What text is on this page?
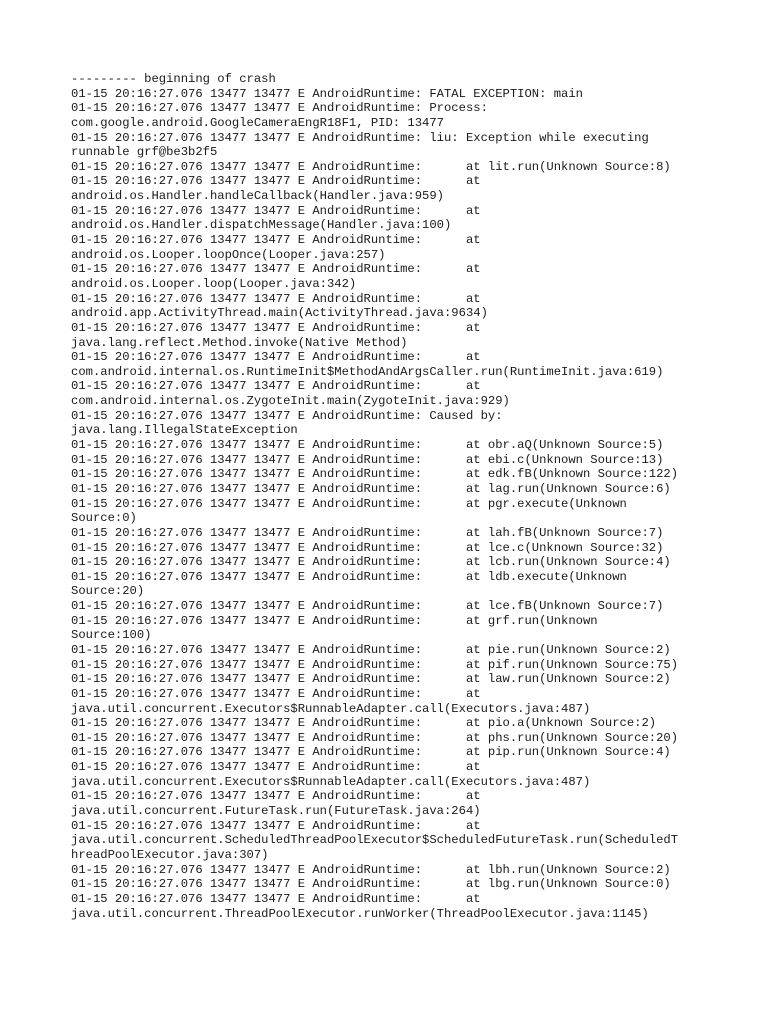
--------- beginning of crash
01-15 20:16:27.076 13477 13477 E AndroidRuntime: FATAL EXCEPTION: main
01-15 20:16:27.076 13477 13477 E AndroidRuntime: Process:
com.google.android.GoogleCameraEngR18F1, PID: 13477
01-15 20:16:27.076 13477 13477 E AndroidRuntime: liu: Exception while executing
runnable grf@be3b2f5
01-15 20:16:27.076 13477 13477 E AndroidRuntime:      at lit.run(Unknown Source:8)
01-15 20:16:27.076 13477 13477 E AndroidRuntime:      at
android.os.Handler.handleCallback(Handler.java:959)
01-15 20:16:27.076 13477 13477 E AndroidRuntime:      at
android.os.Handler.dispatchMessage(Handler.java:100)
01-15 20:16:27.076 13477 13477 E AndroidRuntime:      at
android.os.Looper.loopOnce(Looper.java:257)
01-15 20:16:27.076 13477 13477 E AndroidRuntime:      at
android.os.Looper.loop(Looper.java:342)
01-15 20:16:27.076 13477 13477 E AndroidRuntime:      at
android.app.ActivityThread.main(ActivityThread.java:9634)
01-15 20:16:27.076 13477 13477 E AndroidRuntime:      at
java.lang.reflect.Method.invoke(Native Method)
01-15 20:16:27.076 13477 13477 E AndroidRuntime:      at
com.android.internal.os.RuntimeInit$MethodAndArgsCaller.run(RuntimeInit.java:619)
01-15 20:16:27.076 13477 13477 E AndroidRuntime:      at
com.android.internal.os.ZygoteInit.main(ZygoteInit.java:929)
01-15 20:16:27.076 13477 13477 E AndroidRuntime: Caused by:
java.lang.IllegalStateException
01-15 20:16:27.076 13477 13477 E AndroidRuntime:      at obr.aQ(Unknown Source:5)
01-15 20:16:27.076 13477 13477 E AndroidRuntime:      at ebi.c(Unknown Source:13)
01-15 20:16:27.076 13477 13477 E AndroidRuntime:      at edk.fB(Unknown Source:122)
01-15 20:16:27.076 13477 13477 E AndroidRuntime:      at lag.run(Unknown Source:6)
01-15 20:16:27.076 13477 13477 E AndroidRuntime:      at pgr.execute(Unknown
Source:0)
01-15 20:16:27.076 13477 13477 E AndroidRuntime:      at lah.fB(Unknown Source:7)
01-15 20:16:27.076 13477 13477 E AndroidRuntime:      at lce.c(Unknown Source:32)
01-15 20:16:27.076 13477 13477 E AndroidRuntime:      at lcb.run(Unknown Source:4)
01-15 20:16:27.076 13477 13477 E AndroidRuntime:      at ldb.execute(Unknown
Source:20)
01-15 20:16:27.076 13477 13477 E AndroidRuntime:      at lce.fB(Unknown Source:7)
01-15 20:16:27.076 13477 13477 E AndroidRuntime:      at grf.run(Unknown
Source:100)
01-15 20:16:27.076 13477 13477 E AndroidRuntime:      at pie.run(Unknown Source:2)
01-15 20:16:27.076 13477 13477 E AndroidRuntime:      at pif.run(Unknown Source:75)
01-15 20:16:27.076 13477 13477 E AndroidRuntime:      at law.run(Unknown Source:2)
01-15 20:16:27.076 13477 13477 E AndroidRuntime:      at
java.util.concurrent.Executors$RunnableAdapter.call(Executors.java:487)
01-15 20:16:27.076 13477 13477 E AndroidRuntime:      at pio.a(Unknown Source:2)
01-15 20:16:27.076 13477 13477 E AndroidRuntime:      at phs.run(Unknown Source:20)
01-15 20:16:27.076 13477 13477 E AndroidRuntime:      at pip.run(Unknown Source:4)
01-15 20:16:27.076 13477 13477 E AndroidRuntime:      at
java.util.concurrent.Executors$RunnableAdapter.call(Executors.java:487)
01-15 20:16:27.076 13477 13477 E AndroidRuntime:      at
java.util.concurrent.FutureTask.run(FutureTask.java:264)
01-15 20:16:27.076 13477 13477 E AndroidRuntime:      at
java.util.concurrent.ScheduledThreadPoolExecutor$ScheduledFutureTask.run(ScheduledT
hreadPoolExecutor.java:307)
01-15 20:16:27.076 13477 13477 E AndroidRuntime:      at lbh.run(Unknown Source:2)
01-15 20:16:27.076 13477 13477 E AndroidRuntime:      at lbg.run(Unknown Source:0)
01-15 20:16:27.076 13477 13477 E AndroidRuntime:      at
java.util.concurrent.ThreadPoolExecutor.runWorker(ThreadPoolExecutor.java:1145)
